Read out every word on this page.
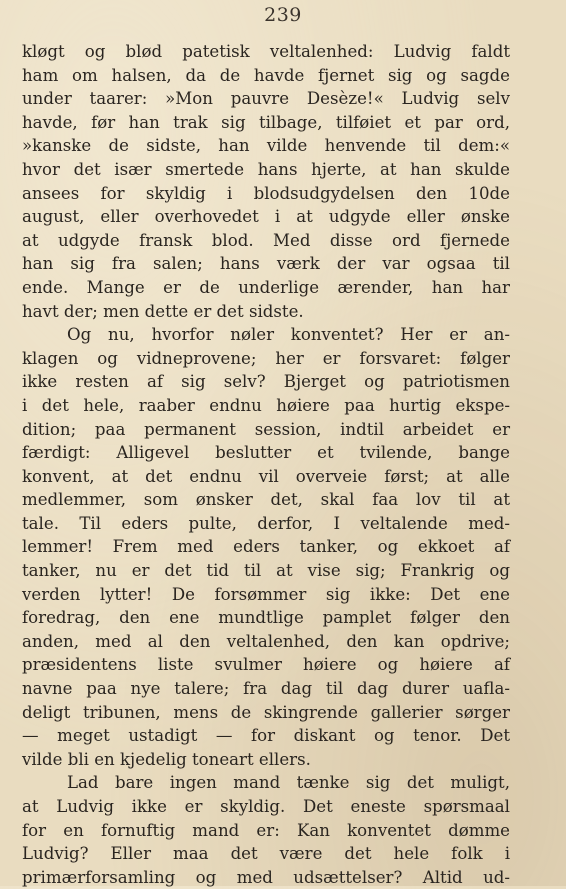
239
kløgt og blød patetisk veltalenhed: Ludvig faldt
ham om halsen, da de havde fjernet sig og sagde
under taarer: »Mon pauvre Desèze!« Ludvig selv
havde, før han trak sig tilbage, tilføiet et par ord,
»kanske de sidste, han vilde henvende til dem:«
hvor det især smertede hans hjerte, at han skulde
ansees for skyldig i blodsudgydelsen den 10de
august, eller overhovedet i at udgyde eller ønske
at udgyde fransk blod. Med disse ord fjernede
han sig fra salen; hans værk der var ogsaa til
ende. Mange er de underlige ærender, han har
havt der; men dette er det sidste.
Og nu, hvorfor nøler konventet? Her er an-
klagen og vidneprovene; her er forsvaret: følger
ikke resten af sig selv? Bjerget og patriotismen
i det hele, raaber endnu høiere paa hurtig ekspe-
dition; paa permanent session, indtil arbeidet er
færdigt: Alligevel beslutter et tvilende, bange
konvent, at det endnu vil overveie først; at alle
medlemmer, som ønsker det, skal faa lov til at
tale. Til eders pulte, derfor, I veltalende med-
lemmer! Frem med eders tanker, og ekkoet af
tanker, nu er det tid til at vise sig; Frankrig og
verden lytter! De forsømmer sig ikke: Det ene
foredrag, den ene mundtlige pamplet følger den
anden, med al den veltalenhed, den kan opdrive;
præsidentens liste svulmer høiere og høiere af
navne paa nye talere; fra dag til dag durer uafla-
deligt tribunen, mens de skingrende gallerier sørger
— meget ustadigt — for diskant og tenor. Det
vilde bli en kjedelig toneart ellers.
Lad bare ingen mand tænke sig det muligt,
at Ludvig ikke er skyldig. Det eneste spørsmaal
for en fornuftig mand er: Kan konventet dømme
Ludvig? Eller maa det være det hele folk i
primærforsamling og med udsættelser? Altid ud-
